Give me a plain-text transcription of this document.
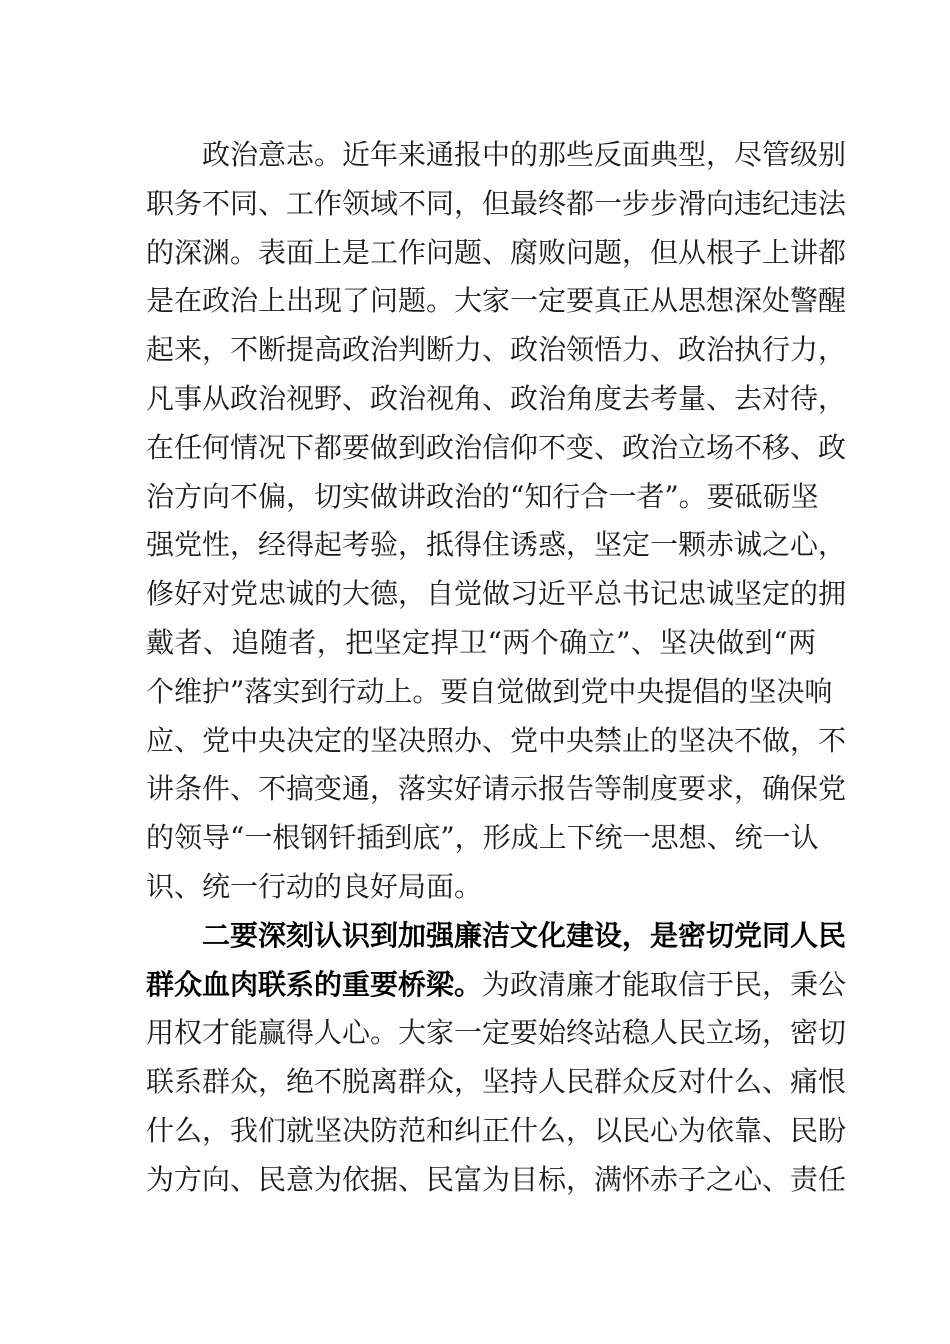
政治意志。近年来通报中的那些反面典型，尽管级别
职务不同、工作领域不同，但最终都一步步滑向违纪违法
的深渊。表面上是工作问题、腐败问题，但从根子上讲都
是在政治上出现了问题。大家一定要真正从思想深处警醒
起来，不断提高政治判断力、政治领悟力、政治执行力，
凡事从政治视野、政治视角、政治角度去考量、去对待，
在任何情况下都要做到政治信仰不变、政治立场不移、政
治方向不偏，切实做讲政治的“知行合一者”。要砥砺坚
强党性，经得起考验，抵得住诱惑，坚定一颗赤诚之心，
修好对党忠诚的大德，自觉做习近平总书记忠诚坚定的拥
戴者、追随者，把坚定捍卫“两个确立”、坚决做到“两
个维护”落实到行动上。要自觉做到党中央提倡的坚决响
应、党中央决定的坚决照办、党中央禁止的坚决不做，不
讲条件、不搞变通，落实好请示报告等制度要求，确保党
的领导“一根钢钎插到底”，形成上下统一思想、统一认
识、统一行动的良好局面。
二要深刻认识到加强廉洁文化建设，是密切党同人民
群众血肉联系的重要桥梁。为政清廉才能取信于民，秉公
用权才能赢得人心。大家一定要始终站稳人民立场，密切
联系群众，绝不脱离群众，坚持人民群众反对什么、痛恨
什么，我们就坚决防范和纠正什么，以民心为依靠、民盼
为方向、民意为依据、民富为目标，满怀赤子之心、责任
